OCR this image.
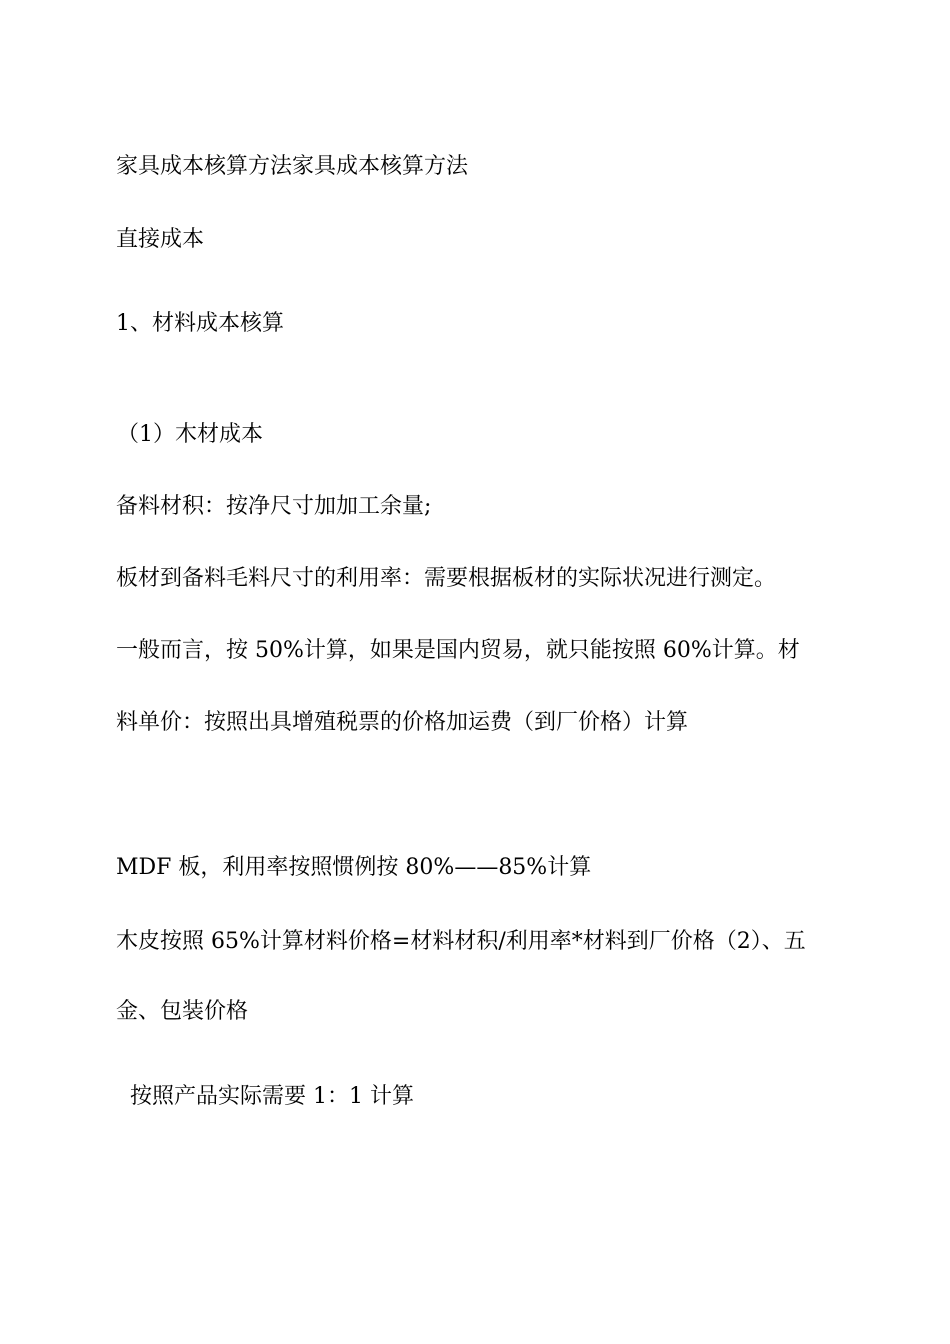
家具成本核算方法家具成本核算方法
直接成本
1、材料成本核算
（1）木材成本
备料材积：按净尺寸加加工余量;
板材到备料毛料尺寸的利用率：需要根据板材的实际状况进行测定。
一般而言，按 50%计算，如果是国内贸易，就只能按照 60%计算。材
料单价：按照出具增殖税票的价格加运费（到厂价格）计算
MDF 板，利用率按照惯例按 80%——85%计算
木皮按照 65%计算材料价格=材料材积/利用率*材料到厂价格（2）、五
金、包装价格
按照产品实际需要 1：1 计算
